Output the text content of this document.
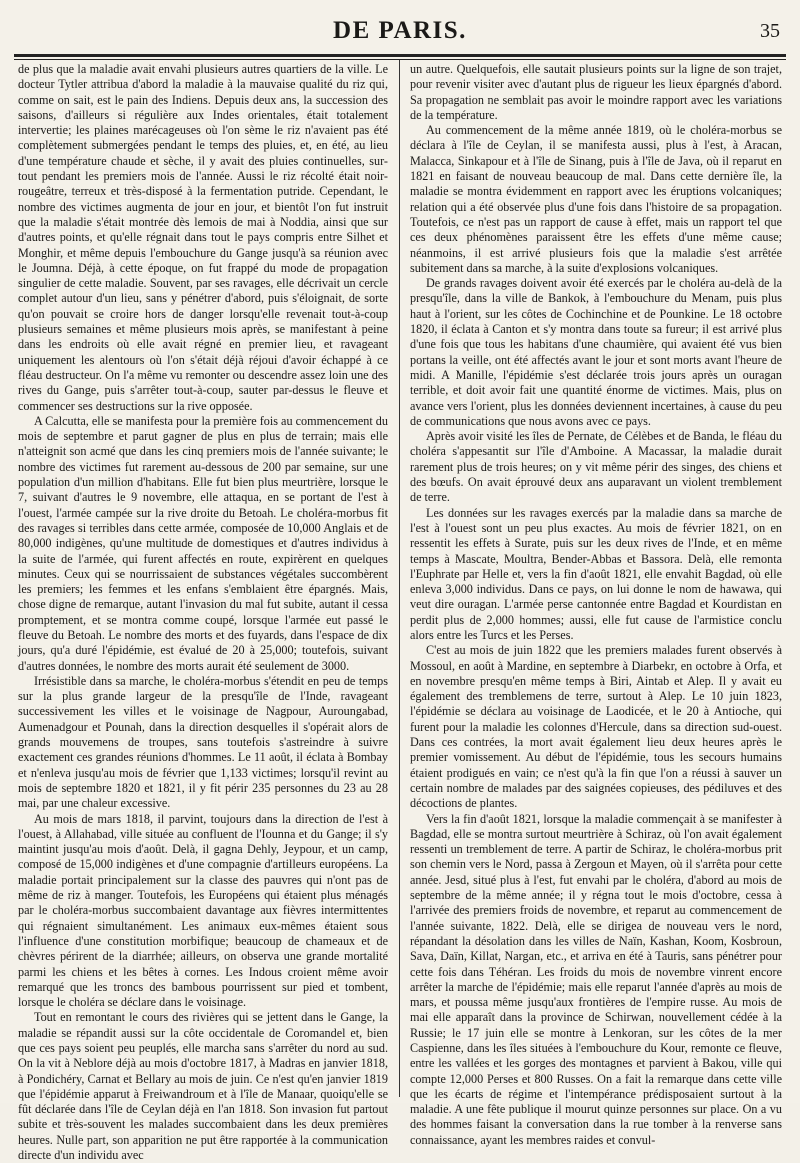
DE PARIS.	35

de plus que la maladie avait envahi plusieurs autres quartiers de la ville. Le docteur Tytler attribua d'abord la maladie à la mauvaise qualité du riz qui, comme on sait, est le pain des Indiens. Depuis deux ans, la succession des saisons, d'ailleurs si régulière aux Indes orientales, était totalement intervertie; les plaines marécageuses où l'on sème le riz n'avaient pas été complètement submergées pendant le temps des pluies, et, en été, au lieu d'une température chaude et sèche, il y avait des pluies continuelles, sur-tout pendant les premiers mois de l'année. Aussi le riz récolté était noir-rougeâtre, terreux et très-disposé à la fermentation putride. Cependant, le nombre des victimes augmenta de jour en jour, et bientôt l'on fut instruit que la maladie s'était montrée dès lemois de mai à Noddia, ainsi que sur d'autres points, et qu'elle régnait dans tout le pays compris entre Silhet et Monghir, et même depuis l'embouchure du Gange jusqu'à sa réunion avec le Joumna. Déjà, à cette époque, on fut frappé du mode de propagation singulier de cette maladie. Souvent, par ses ravages, elle décrivait un cercle complet autour d'un lieu, sans y pénétrer d'abord, puis s'éloignait, de sorte qu'on pouvait se croire hors de danger lorsqu'elle revenait tout-à-coup plusieurs semaines et même plusieurs mois après, se manifestant à peine dans les endroits où elle avait régné en premier lieu, et ravageant uniquement les alentours où l'on s'était déjà réjoui d'avoir échappé à ce fléau destructeur. On l'a même vu remonter ou descendre assez loin une des rives du Gange, puis s'arrêter tout-à-coup, sauter par-dessus le fleuve et commencer ses destructions sur la rive opposée.

A Calcutta, elle se manifesta pour la première fois au commencement du mois de septembre et parut gagner de plus en plus de terrain; mais elle n'atteignit son acmé que dans les cinq premiers mois de l'année suivante; le nombre des victimes fut rarement au-dessous de 200 par semaine, sur une population d'un million d'habitans. Elle fut bien plus meurtrière, lorsque le 7, suivant d'autres le 9 novembre, elle attaqua, en se portant de l'est à l'ouest, l'armée campée sur la rive droite du Betoah. Le choléra-morbus fit des ravages si terribles dans cette armée, composée de 10,000 Anglais et de 80,000 indigènes, qu'une multitude de domestiques et d'autres individus à la suite de l'armée, qui furent affectés en route, expirèrent en quelques minutes. Ceux qui se nourrissaient de substances végétales succombèrent les premiers; les femmes et les enfans s'emblaient être épargnés. Mais, chose digne de remarque, autant l'invasion du mal fut subite, autant il cessa promptement, et se montra comme coupé, lorsque l'armée eut passé le fleuve du Betoah. Le nombre des morts et des fuyards, dans l'espace de dix jours, qu'a duré l'épidémie, est évalué de 20 à 25,000; toutefois, suivant d'autres données, le nombre des morts aurait été seulement de 3000.

Irrésistible dans sa marche, le choléra-morbus s'étendit en peu de temps sur la plus grande largeur de la presqu'île de l'Inde, ravageant successivement les villes et le voisinage de Nagpour, Auroungabad, Aumenadgour et Pounah, dans la direction desquelles il s'opérait alors de grands mouvemens de troupes, sans toutefois s'astreindre à suivre exactement ces grandes réunions d'hommes. Le 11 août, il éclata à Bombay et n'enleva jusqu'au mois de février que 1,133 victimes; lorsqu'il revint au mois de septembre 1820 et 1821, il y fit périr 235 personnes du 23 au 28 mai, par une chaleur excessive.

Au mois de mars 1818, il parvint, toujours dans la direction de l'est à l'ouest, à Allahabad, ville située au confluent de l'Iounna et du Gange; il s'y maintint jusqu'au mois d'août. Delà, il gagna Dehly, Jeypour, et un camp, composé de 15,000 indigènes et d'une compagnie d'artilleurs européens. La maladie portait principalement sur la classe des pauvres qui n'ont pas de même de riz à manger. Toutefois, les Européens qui étaient plus ménagés par le choléra-morbus succombaient davantage aux fièvres intermittentes qui régnaient simultanément. Les animaux eux-mêmes étaient sous l'influence d'une constitution morbifique; beaucoup de chameaux et de chèvres périrent de la diarrhée; ailleurs, on observa une grande mortalité parmi les chiens et les bêtes à cornes. Les Indous croient même avoir remarqué que les troncs des bambous pourrissent sur pied et tombent, lorsque le choléra se déclare dans le voisinage.

Tout en remontant le cours des rivières qui se jettent dans le Gange, la maladie se répandit aussi sur la côte occidentale de Coromandel et, bien que ces pays soient peu peuplés, elle marcha sans s'arrêter du nord au sud. On la vit à Neblore déjà au mois d'octobre 1817, à Madras en janvier 1818, à Pondichéry, Carnat et Bellary au mois de juin. Ce n'est qu'en janvier 1819 que l'épidémie apparut à Freiwandroum et à l'île de Manaar, quoiqu'elle se fût déclarée dans l'île de Ceylan déjà en l'an 1818. Son invasion fut partout subite et très-souvent les malades succombaient dans les deux premières heures. Nulle part, son apparition ne put être rapportée à la communication directe d'un individu avec

un autre. Quelquefois, elle sautait plusieurs points sur la ligne de son trajet, pour revenir visiter avec d'autant plus de rigueur les lieux épargnés d'abord. Sa propagation ne semblait pas avoir le moindre rapport avec les variations de la température.

Au commencement de la même année 1819, où le choléra-morbus se déclara à l'île de Ceylan, il se manifesta aussi, plus à l'est, à Aracan, Malacca, Sinkapour et à l'île de Sinang, puis à l'île de Java, où il reparut en 1821 en faisant de nouveau beaucoup de mal. Dans cette dernière île, la maladie se montra évidemment en rapport avec les éruptions volcaniques; relation qui a été observée plus d'une fois dans l'histoire de sa propagation. Toutefois, ce n'est pas un rapport de cause à effet, mais un rapport tel que ces deux phénomènes paraissent être les effets d'une même cause; néanmoins, il est arrivé plusieurs fois que la maladie s'est arrêtée subitement dans sa marche, à la suite d'explosions volcaniques.

De grands ravages doivent avoir été exercés par le choléra au-delà de la presqu'île, dans la ville de Bankok, à l'embouchure du Menam, puis plus haut à l'orient, sur les côtes de Cochinchine et de Pounkine. Le 18 octobre 1820, il éclata à Canton et s'y montra dans toute sa fureur; il est arrivé plus d'une fois que tous les habitans d'une chaumière, qui avaient été vus bien portans la veille, ont été affectés avant le jour et sont morts avant l'heure de midi. A Manille, l'épidémie s'est déclarée trois jours après un ouragan terrible, et doit avoir fait une quantité énorme de victimes. Mais, plus on avance vers l'orient, plus les données deviennent incertaines, à cause du peu de communications que nous avons avec ce pays.

Après avoir visité les îles de Pernate, de Célèbes et de Banda, le fléau du choléra s'appesantit sur l'île d'Amboine. A Macassar, la maladie durait rarement plus de trois heures; on y vit même périr des singes, des chiens et des bœufs. On avait éprouvé deux ans auparavant un violent tremblement de terre.

Les données sur les ravages exercés par la maladie dans sa marche de l'est à l'ouest sont un peu plus exactes. Au mois de février 1821, on en ressentit les effets à Surate, puis sur les deux rives de l'Inde, et en même temps à Mascate, Moultra, Bender-Abbas et Bassora. Delà, elle remonta l'Euphrate par Helle et, vers la fin d'août 1821, elle envahit Bagdad, où elle enleva 3,000 individus. Dans ce pays, on lui donne le nom de hawawa, qui veut dire ouragan. L'armée perse cantonnée entre Bagdad et Kourdistan en perdit plus de 2,000 hommes; aussi, elle fut cause de l'armistice conclu alors entre les Turcs et les Perses.

C'est au mois de juin 1822 que les premiers malades furent observés à Mossoul, en août à Mardine, en septembre à Diarbekr, en octobre à Orfa, et en novembre presqu'en même temps à Biri, Aintab et Alep. Il y avait eu également des tremblemens de terre, surtout à Alep. Le 10 juin 1823, l'épidémie se déclara au voisinage de Laodicée, et le 20 à Antioche, qui furent pour la maladie les colonnes d'Hercule, dans sa direction sud-ouest. Dans ces contrées, la mort avait également lieu deux heures après le premier vomissement. Au début de l'épidémie, tous les secours humains étaient prodigués en vain; ce n'est qu'à la fin que l'on a réussi à sauver un certain nombre de malades par des saignées copieuses, des pédiluves et des décoctions de plantes.

Vers la fin d'août 1821, lorsque la maladie commençait à se manifester à Bagdad, elle se montra surtout meurtrière à Schiraz, où l'on avait également ressenti un tremblement de terre. A partir de Schiraz, le choléra-morbus prit son chemin vers le Nord, passa à Zergoun et Mayen, où il s'arrêta pour cette année. Jesd, situé plus à l'est, fut envahi par le choléra, d'abord au mois de septembre de la même année; il y régna tout le mois d'octobre, cessa à l'arrivée des premiers froids de novembre, et reparut au commencement de l'année suivante, 1822. Delà, elle se dirigea de nouveau vers le nord, répandant la désolation dans les villes de Naïn, Kashan, Koom, Kosbroun, Sava, Daïn, Killat, Nargan, etc., et arriva en été à Tauris, sans pénétrer pour cette fois dans Téhéran. Les froids du mois de novembre vinrent encore arrêter la marche de l'épidémie; mais elle reparut l'année d'après au mois de mars, et poussa même jusqu'aux frontières de l'empire russe. Au mois de mai elle apparaît dans la province de Schirwan, nouvellement cédée à la Russie; le 17 juin elle se montre à Lenkoran, sur les côtes de la mer Caspienne, dans les îles situées à l'embouchure du Kour, remonte ce fleuve, entre les vallées et les gorges des montagnes et parvient à Bakou, ville qui compte 12,000 Perses et 800 Russes. On a fait la remarque dans cette ville que les écarts de régime et l'intempérance prédisposaient surtout à la maladie. A une fête publique il mourut quinze personnes sur place. On a vu des hommes faisant la conversation dans la rue tomber à la renverse sans connaissance, ayant les membres raides et convul-
